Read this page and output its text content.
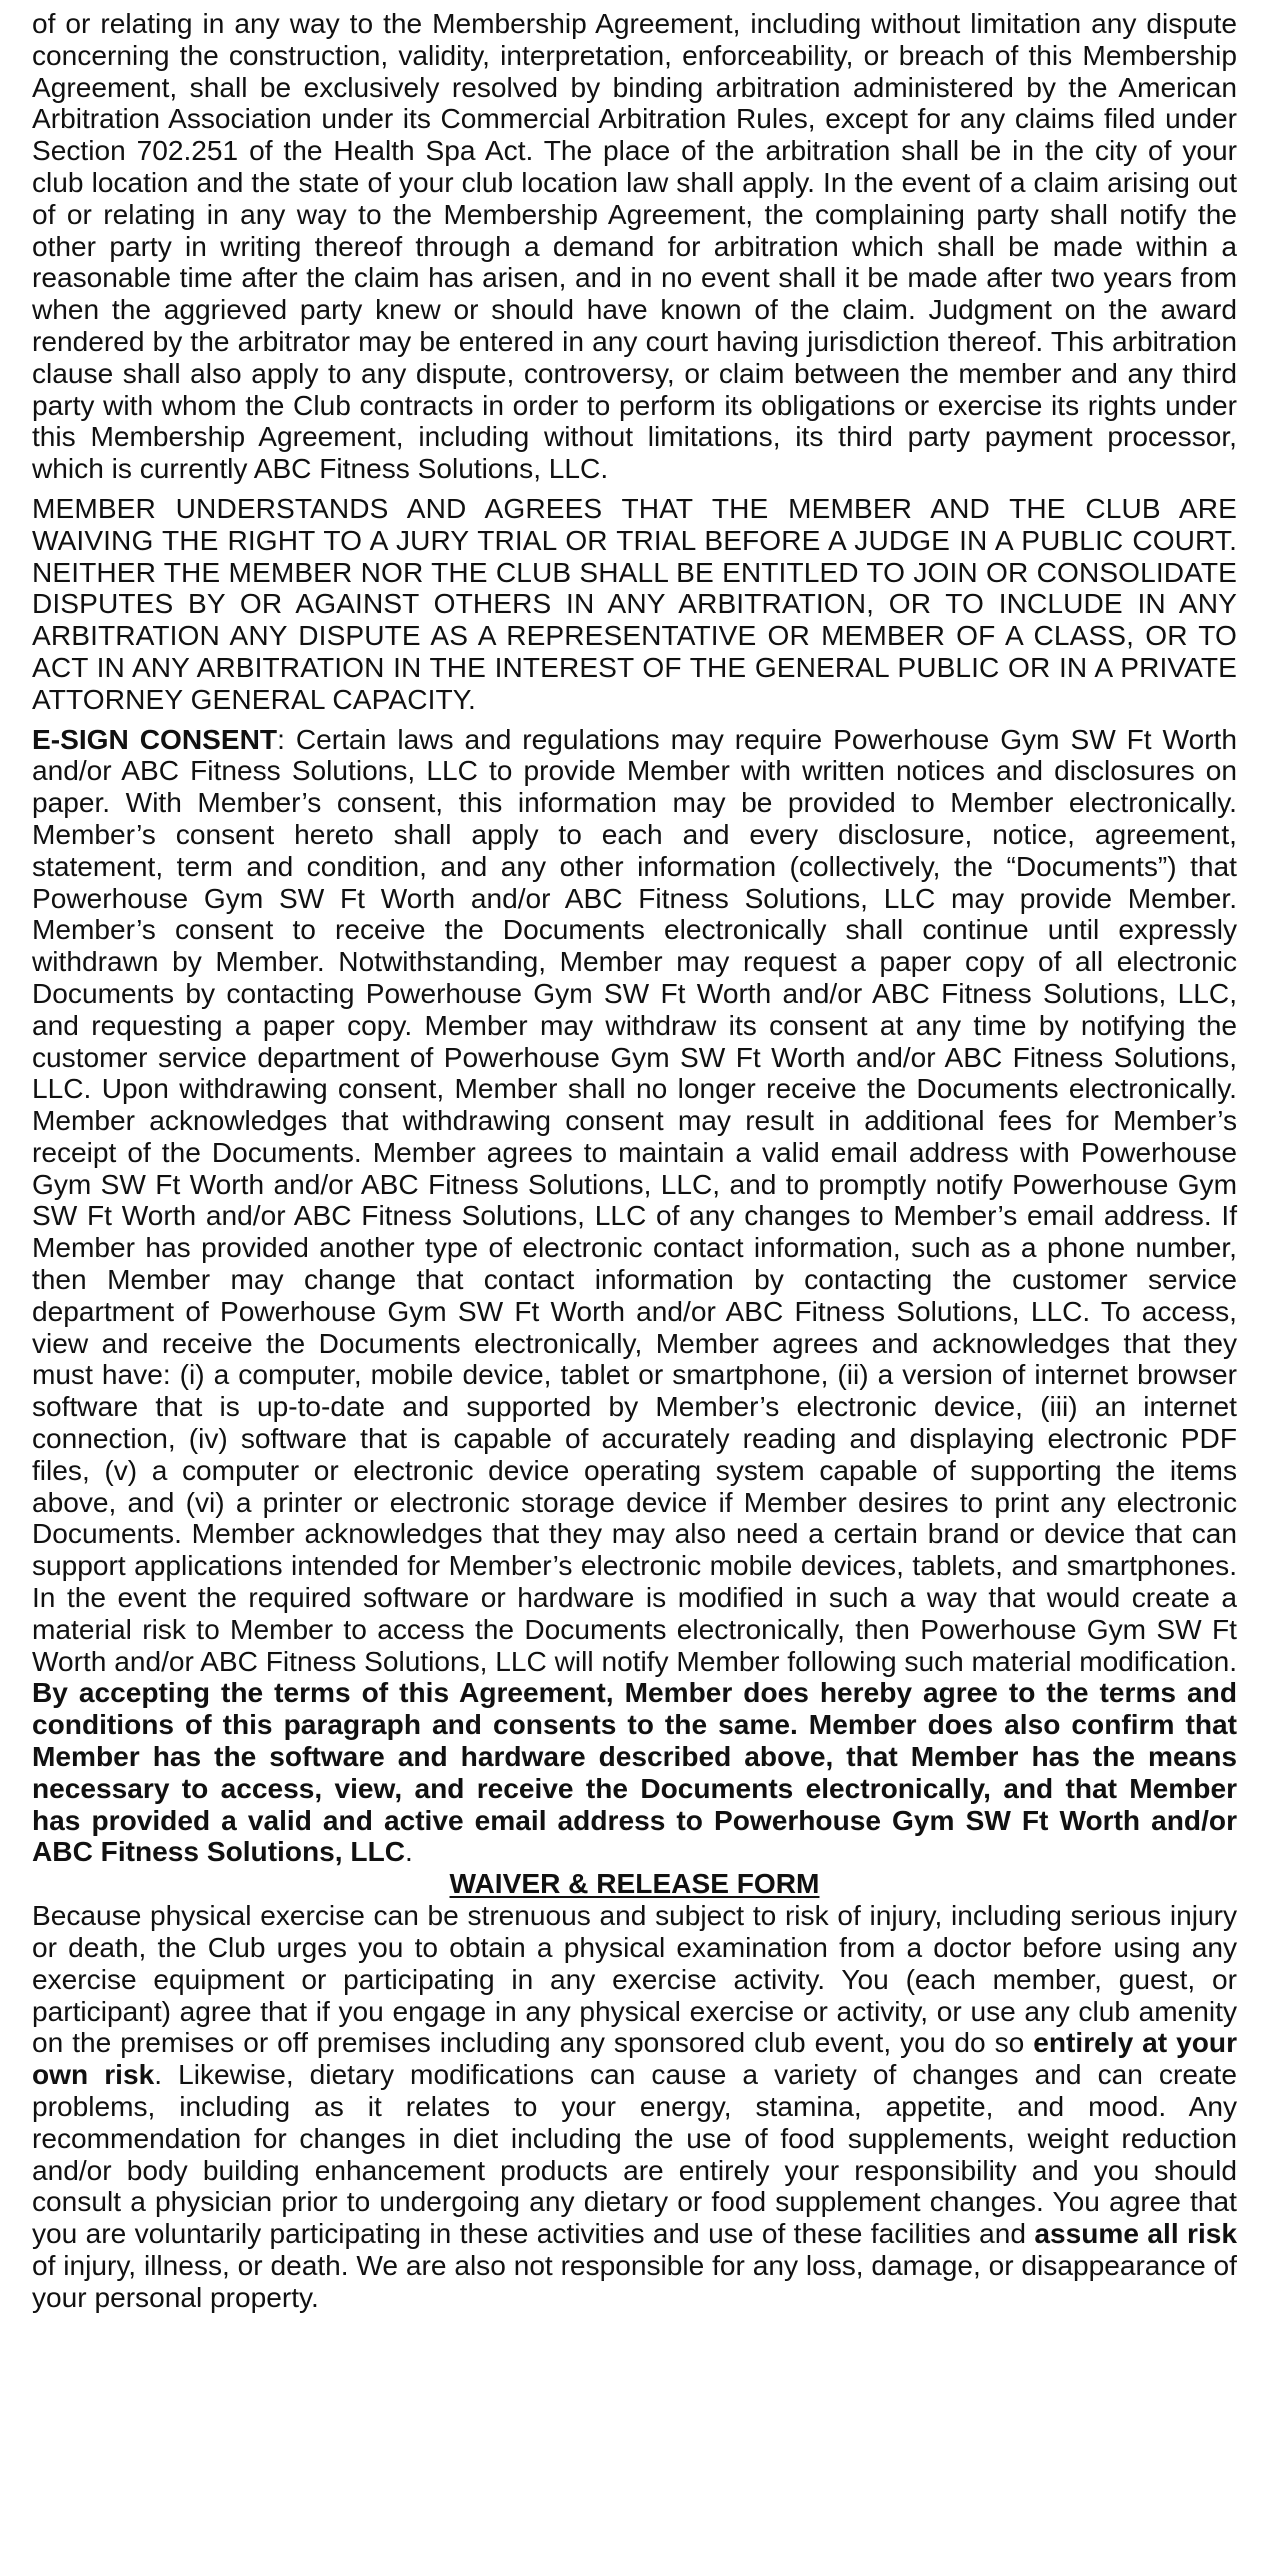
of or relating in any way to the Membership Agreement, including without limitation any dispute concerning the construction, validity, interpretation, enforceability, or breach of this Membership Agreement, shall be exclusively resolved by binding arbitration administered by the American Arbitration Association under its Commercial Arbitration Rules, except for any claims filed under Section 702.251 of the Health Spa Act. The place of the arbitration shall be in the city of your club location and the state of your club location law shall apply. In the event of a claim arising out of or relating in any way to the Membership Agreement, the complaining party shall notify the other party in writing thereof through a demand for arbitration which shall be made within a reasonable time after the claim has arisen, and in no event shall it be made after two years from when the aggrieved party knew or should have known of the claim. Judgment on the award rendered by the arbitrator may be entered in any court having jurisdiction thereof. This arbitration clause shall also apply to any dispute, controversy, or claim between the member and any third party with whom the Club contracts in order to perform its obligations or exercise its rights under this Membership Agreement, including without limitations, its third party payment processor, which is currently ABC Fitness Solutions, LLC.

MEMBER UNDERSTANDS AND AGREES THAT THE MEMBER AND THE CLUB ARE WAIVING THE RIGHT TO A JURY TRIAL OR TRIAL BEFORE A JUDGE IN A PUBLIC COURT. NEITHER THE MEMBER NOR THE CLUB SHALL BE ENTITLED TO JOIN OR CONSOLIDATE DISPUTES BY OR AGAINST OTHERS IN ANY ARBITRATION, OR TO INCLUDE IN ANY ARBITRATION ANY DISPUTE AS A REPRESENTATIVE OR MEMBER OF A CLASS, OR TO ACT IN ANY ARBITRATION IN THE INTEREST OF THE GENERAL PUBLIC OR IN A PRIVATE ATTORNEY GENERAL CAPACITY.

E-SIGN CONSENT: Certain laws and regulations may require Powerhouse Gym SW Ft Worth and/or ABC Fitness Solutions, LLC to provide Member with written notices and disclosures on paper. With Member’s consent, this information may be provided to Member electronically. Member’s consent hereto shall apply to each and every disclosure, notice, agreement, statement, term and condition, and any other information (collectively, the “Documents”) that Powerhouse Gym SW Ft Worth and/or ABC Fitness Solutions, LLC may provide Member. Member’s consent to receive the Documents electronically shall continue until expressly withdrawn by Member. Notwithstanding, Member may request a paper copy of all electronic Documents by contacting Powerhouse Gym SW Ft Worth and/or ABC Fitness Solutions, LLC, and requesting a paper copy. Member may withdraw its consent at any time by notifying the customer service department of Powerhouse Gym SW Ft Worth and/or ABC Fitness Solutions, LLC. Upon withdrawing consent, Member shall no longer receive the Documents electronically. Member acknowledges that withdrawing consent may result in additional fees for Member’s receipt of the Documents. Member agrees to maintain a valid email address with Powerhouse Gym SW Ft Worth and/or ABC Fitness Solutions, LLC, and to promptly notify Powerhouse Gym SW Ft Worth and/or ABC Fitness Solutions, LLC of any changes to Member’s email address. If Member has provided another type of electronic contact information, such as a phone number, then Member may change that contact information by contacting the customer service department of Powerhouse Gym SW Ft Worth and/or ABC Fitness Solutions, LLC. To access, view and receive the Documents electronically, Member agrees and acknowledges that they must have: (i) a computer, mobile device, tablet or smartphone, (ii) a version of internet browser software that is up-to-date and supported by Member’s electronic device, (iii) an internet connection, (iv) software that is capable of accurately reading and displaying electronic PDF files, (v) a computer or electronic device operating system capable of supporting the items above, and (vi) a printer or electronic storage device if Member desires to print any electronic Documents. Member acknowledges that they may also need a certain brand or device that can support applications intended for Member’s electronic mobile devices, tablets, and smartphones. In the event the required software or hardware is modified in such a way that would create a material risk to Member to access the Documents electronically, then Powerhouse Gym SW Ft Worth and/or ABC Fitness Solutions, LLC will notify Member following such material modification. By accepting the terms of this Agreement, Member does hereby agree to the terms and conditions of this paragraph and consents to the same. Member does also confirm that Member has the software and hardware described above, that Member has the means necessary to access, view, and receive the Documents electronically, and that Member has provided a valid and active email address to Powerhouse Gym SW Ft Worth and/or ABC Fitness Solutions, LLC.

WAIVER & RELEASE FORM

Because physical exercise can be strenuous and subject to risk of injury, including serious injury or death, the Club urges you to obtain a physical examination from a doctor before using any exercise equipment or participating in any exercise activity. You (each member, guest, or participant) agree that if you engage in any physical exercise or activity, or use any club amenity on the premises or off premises including any sponsored club event, you do so entirely at your own risk. Likewise, dietary modifications can cause a variety of changes and can create problems, including as it relates to your energy, stamina, appetite, and mood. Any recommendation for changes in diet including the use of food supplements, weight reduction and/or body building enhancement products are entirely your responsibility and you should consult a physician prior to undergoing any dietary or food supplement changes. You agree that you are voluntarily participating in these activities and use of these facilities and assume all risk of injury, illness, or death. We are also not responsible for any loss, damage, or disappearance of your personal property.
